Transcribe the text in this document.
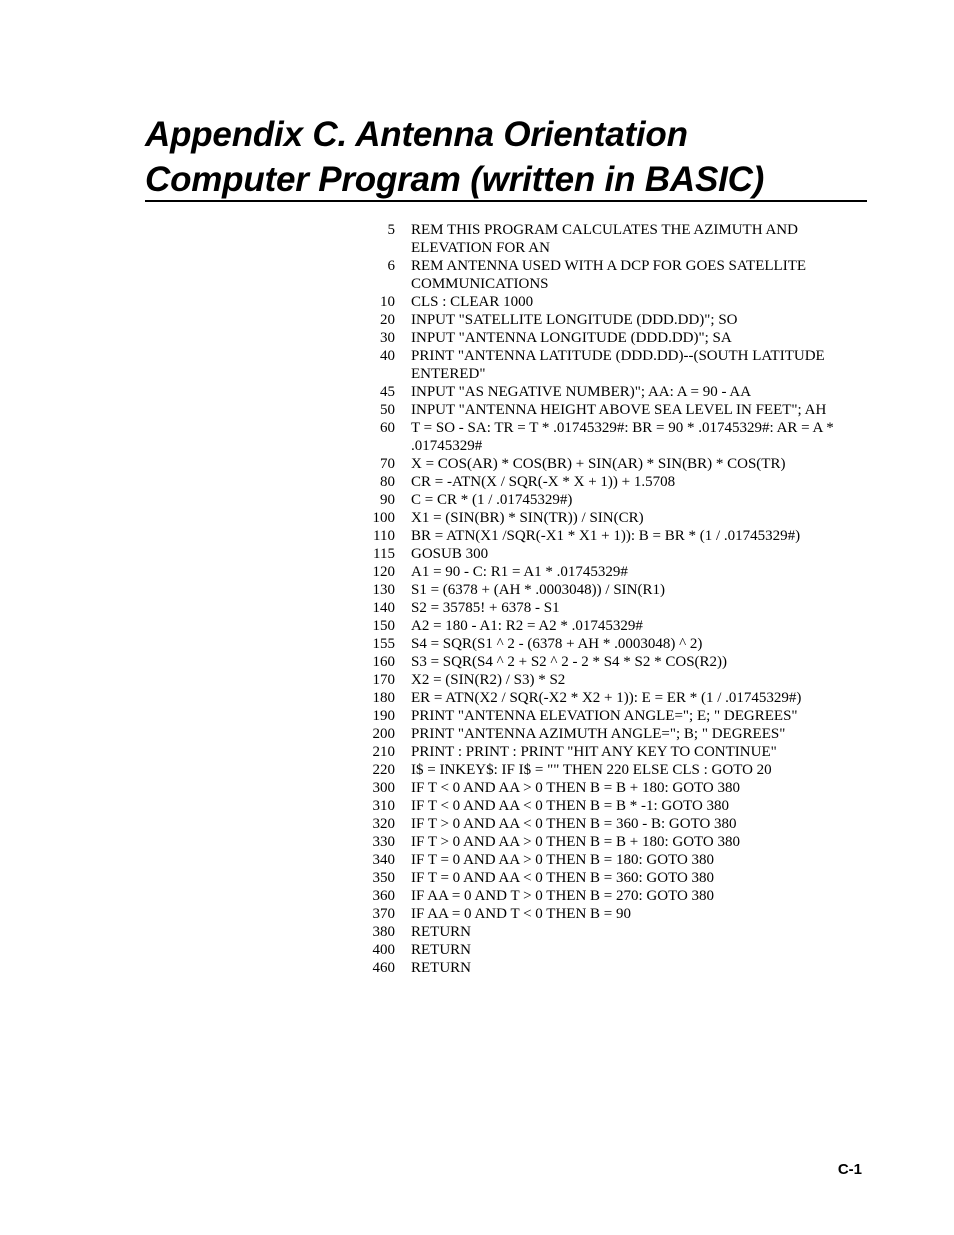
Appendix C. Antenna Orientation
Computer Program (written in BASIC)
5 REM THIS PROGRAM CALCULATES THE AZIMUTH AND ELEVATION FOR AN
6 REM ANTENNA USED WITH A DCP FOR GOES SATELLITE COMMUNICATIONS
10 CLS : CLEAR 1000
20 INPUT "SATELLITE LONGITUDE (DDD.DD)"; SO
30 INPUT "ANTENNA LONGITUDE (DDD.DD)"; SA
40 PRINT "ANTENNA LATITUDE (DDD.DD)--(SOUTH LATITUDE ENTERED"
45 INPUT "AS NEGATIVE NUMBER)"; AA: A = 90 - AA
50 INPUT "ANTENNA HEIGHT ABOVE SEA LEVEL IN FEET"; AH
60 T = SO - SA: TR = T * .01745329#: BR = 90 * .01745329#: AR = A * .01745329#
70 X = COS(AR) * COS(BR) + SIN(AR) * SIN(BR) * COS(TR)
80 CR = -ATN(X / SQR(-X * X + 1)) + 1.5708
90 C = CR * (1 / .01745329#)
100 X1 = (SIN(BR) * SIN(TR)) / SIN(CR)
110 BR = ATN(X1 /SQR(-X1 * X1 + 1)): B = BR * (1 / .01745329#)
115 GOSUB 300
120 A1 = 90 - C: R1 = A1 * .01745329#
130 S1 = (6378 + (AH * .0003048)) / SIN(R1)
140 S2 = 35785! + 6378 - S1
150 A2 = 180 - A1: R2 = A2 * .01745329#
155 S4 = SQR(S1 ^ 2 - (6378 + AH * .0003048) ^ 2)
160 S3 = SQR(S4 ^ 2 + S2 ^ 2 - 2 * S4 * S2 * COS(R2))
170 X2 = (SIN(R2) / S3) * S2
180 ER = ATN(X2 / SQR(-X2 * X2 + 1)): E = ER * (1 / .01745329#)
190 PRINT "ANTENNA ELEVATION ANGLE="; E; " DEGREES"
200 PRINT "ANTENNA AZIMUTH ANGLE="; B; " DEGREES"
210 PRINT : PRINT : PRINT "HIT ANY KEY TO CONTINUE"
220 I$ = INKEY$: IF I$ = "" THEN 220 ELSE CLS : GOTO 20
300 IF T < 0 AND AA > 0 THEN B = B + 180: GOTO 380
310 IF T < 0 AND AA < 0 THEN B = B * -1: GOTO 380
320 IF T > 0 AND AA < 0 THEN B = 360 - B: GOTO 380
330 IF T > 0 AND AA > 0 THEN B = B + 180: GOTO 380
340 IF T = 0 AND AA > 0 THEN B = 180: GOTO 380
350 IF T = 0 AND AA < 0 THEN B = 360: GOTO 380
360 IF AA = 0 AND T > 0 THEN B = 270: GOTO 380
370 IF AA = 0 AND T < 0 THEN B = 90
380 RETURN
400 RETURN
460 RETURN
C-1
